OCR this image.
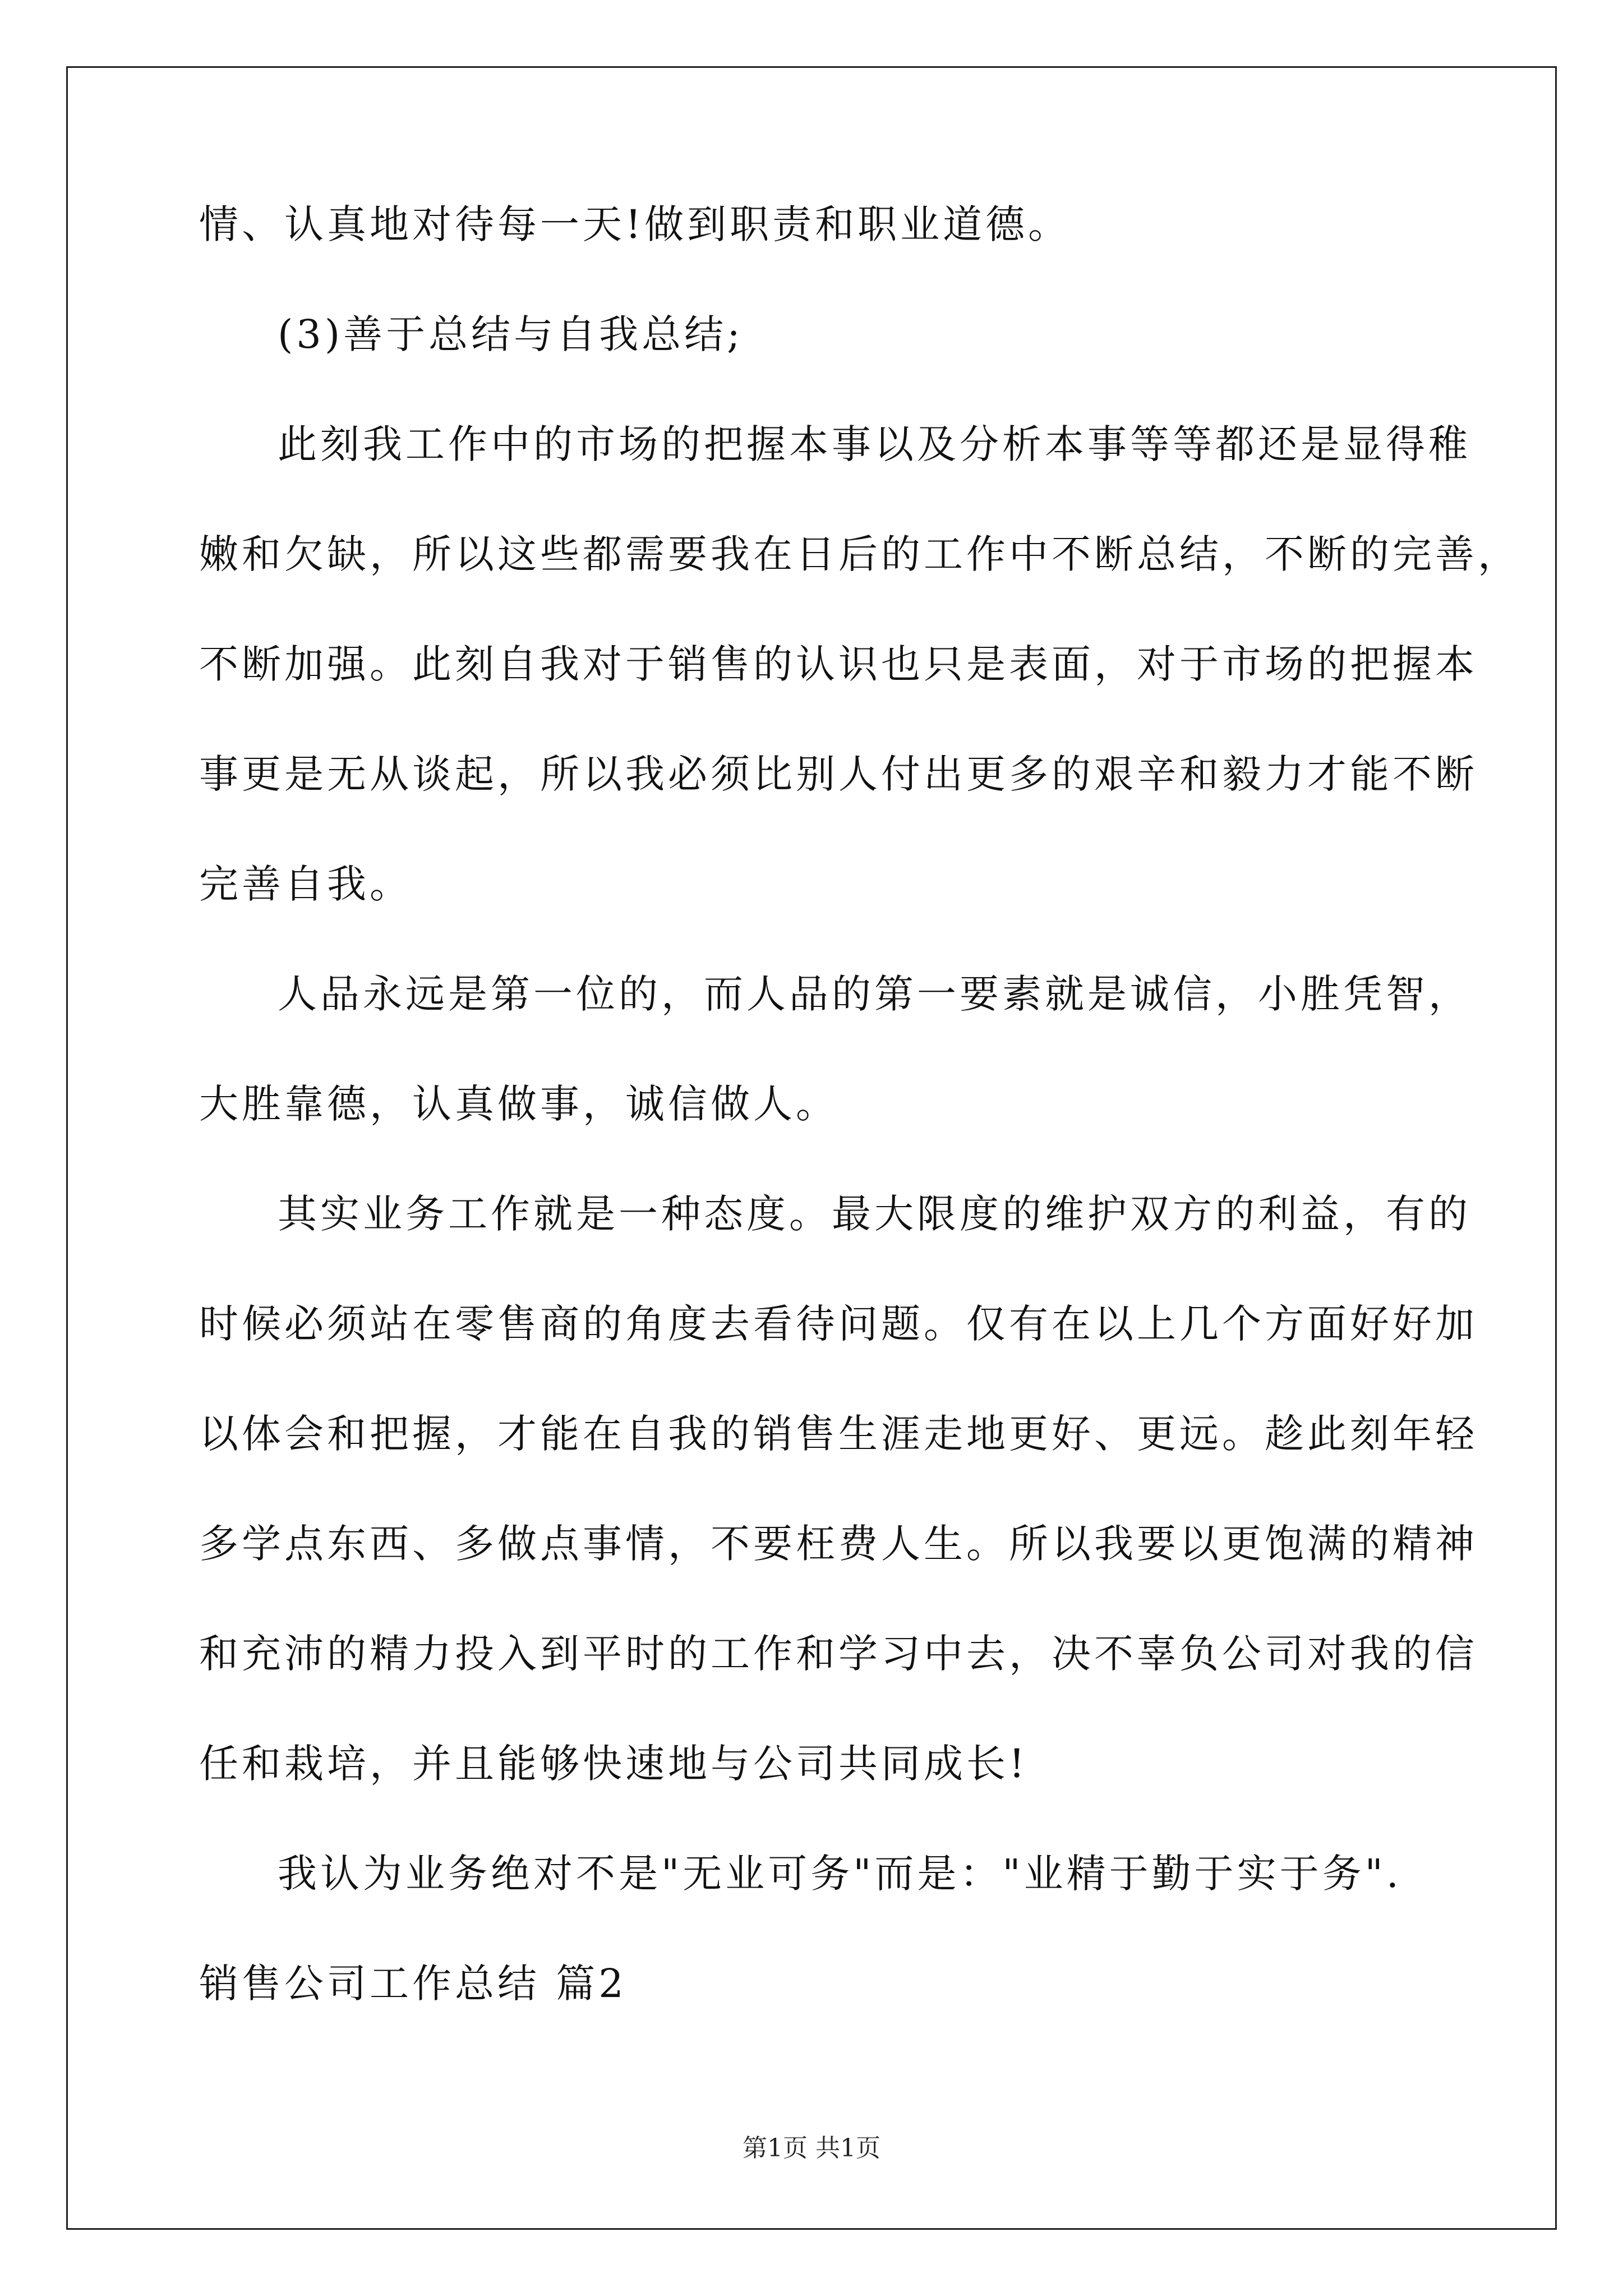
情、认真地对待每一天!做到职责和职业道德。
(3)善于总结与自我总结;
此刻我工作中的市场的把握本事以及分析本事等等都还是显得稚
嫩和欠缺，所以这些都需要我在日后的工作中不断总结，不断的完善，
不断加强。此刻自我对于销售的认识也只是表面，对于市场的把握本
事更是无从谈起，所以我必须比别人付出更多的艰辛和毅力才能不断
完善自我。
人品永远是第一位的，而人品的第一要素就是诚信，小胜凭智，
大胜靠德，认真做事，诚信做人。
其实业务工作就是一种态度。最大限度的维护双方的利益，有的
时候必须站在零售商的角度去看待问题。仅有在以上几个方面好好加
以体会和把握，才能在自我的销售生涯走地更好、更远。趁此刻年轻
多学点东西、多做点事情，不要枉费人生。所以我要以更饱满的精神
和充沛的精力投入到平时的工作和学习中去，决不辜负公司对我的信
任和栽培，并且能够快速地与公司共同成长!
我认为业务绝对不是"无业可务"而是："业精于勤于实于务".
销售公司工作总结 篇2
第1页 共1页
